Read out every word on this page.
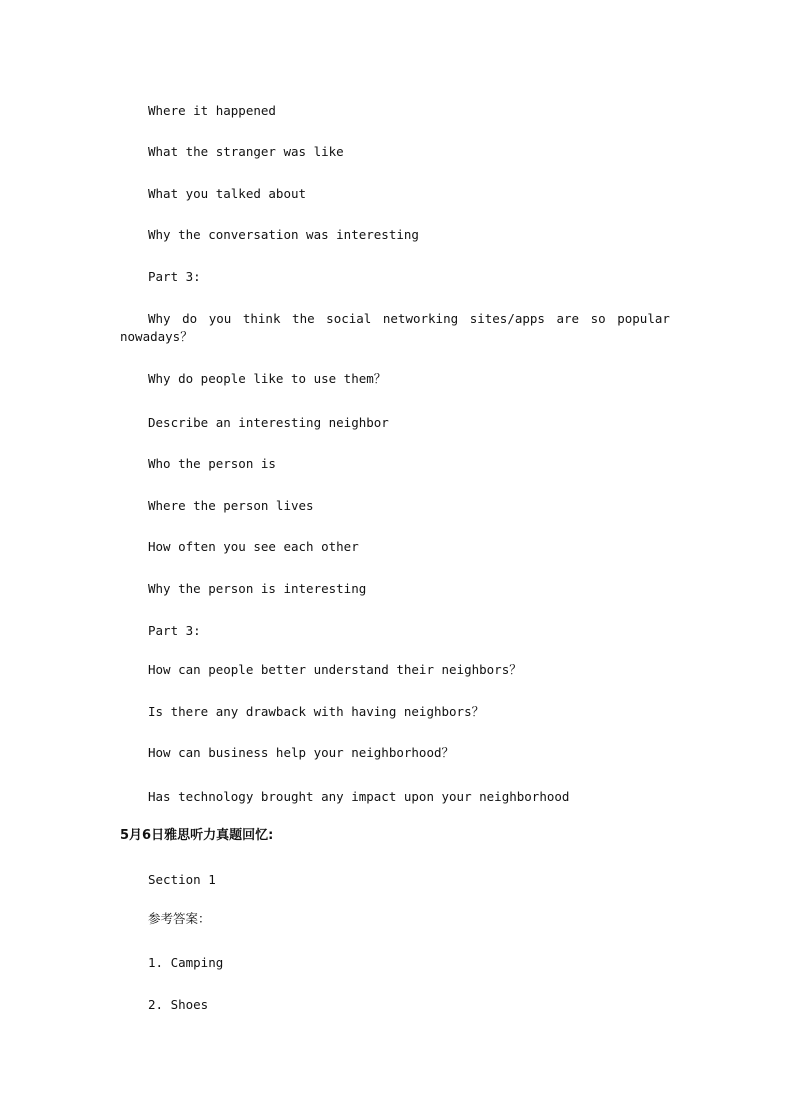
Where it happened

What the stranger was like

What you talked about

Why the conversation was interesting

Part 3:

Why do you think the social networking sites/apps are so popular
nowadays？

Why do people like to use them？

Describe an interesting neighbor

Who the person is

Where the person lives

How often you see each other

Why the person is interesting

Part 3:

How can people better understand their neighbors？

Is there any drawback with having neighbors？

How can business help your neighborhood？

Has technology brought any impact upon your neighborhood

5月6日雅思听力真题回忆:

Section 1

参考答案：

1. Camping

2. Shoes
